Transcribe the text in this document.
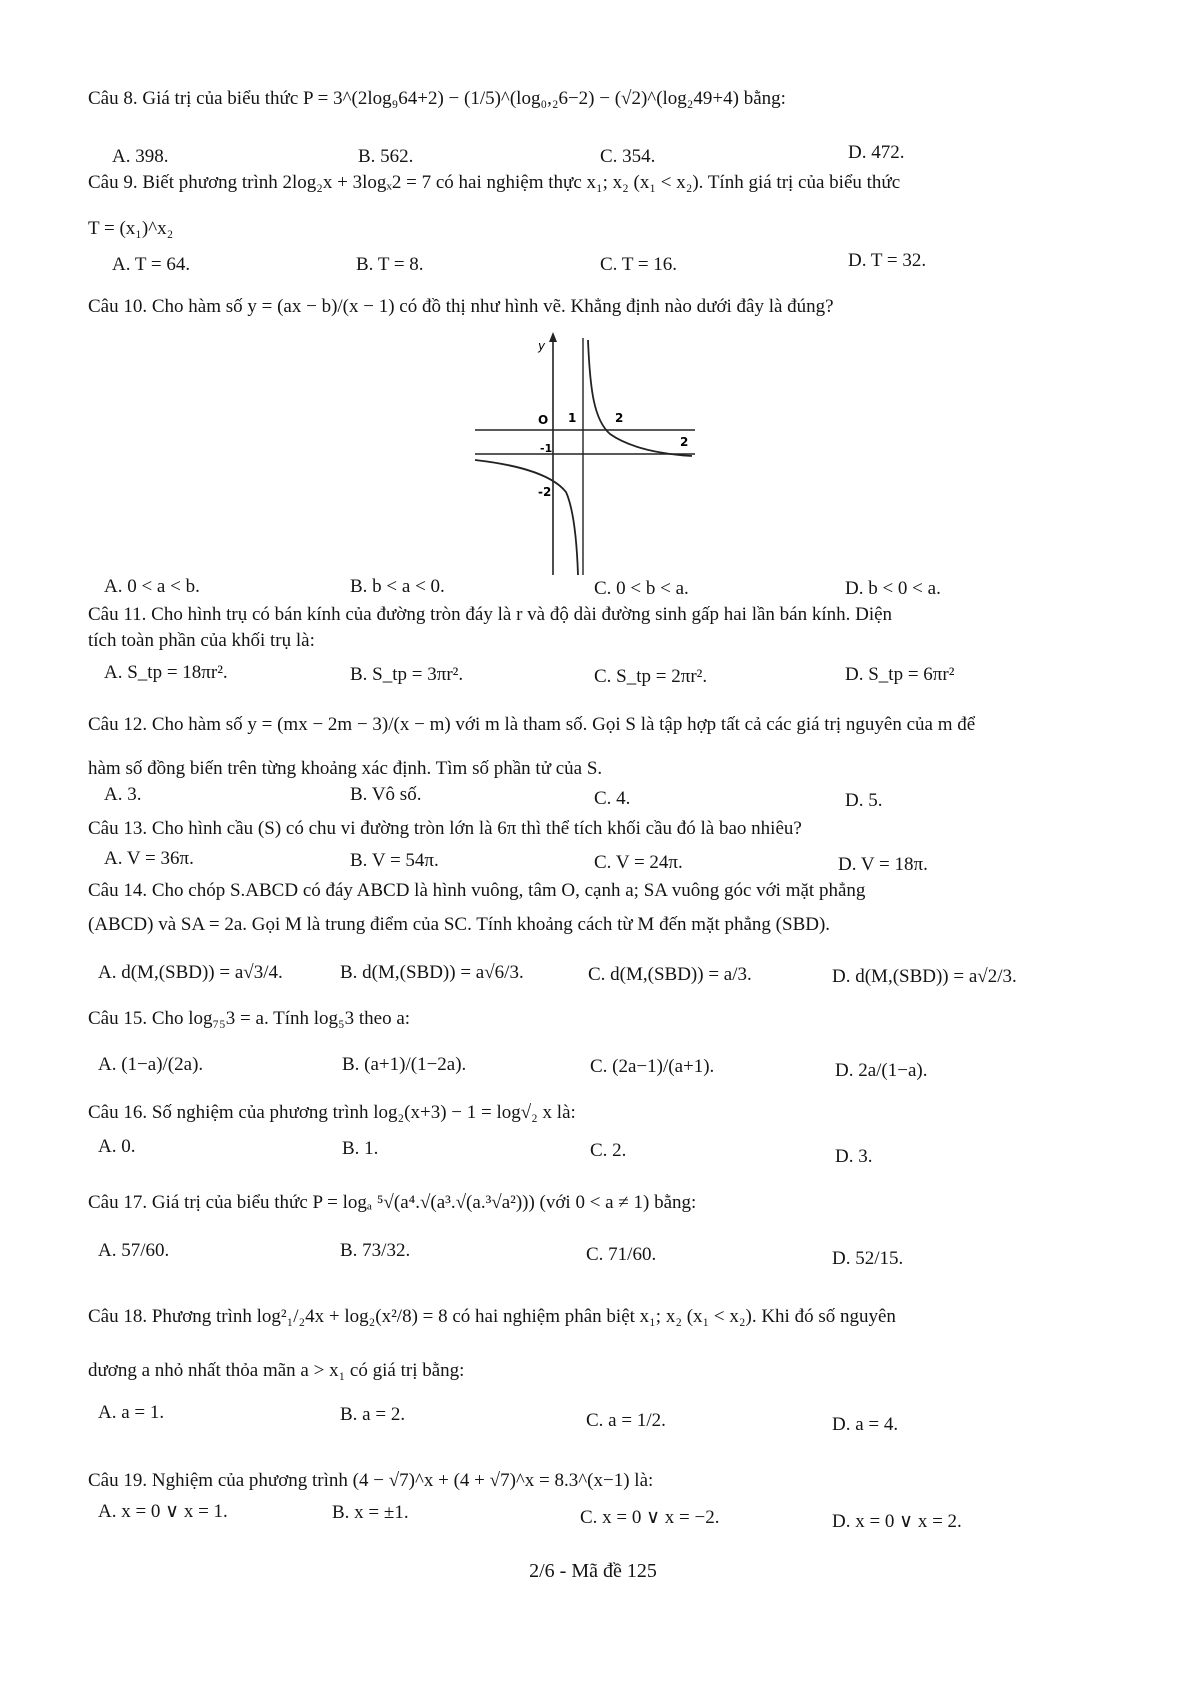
Câu 8. Giá trị của biểu thức P = 3^(2log₉64+2) − (1/5)^(log₀,₂6−2) − (√2)^(log₂49+4) bằng:
A. 398.	B. 562.	C. 354.	D. 472.
Câu 9. Biết phương trình 2log₂x + 3logₓ2 = 7 có hai nghiệm thực x₁; x₂ (x₁ < x₂). Tính giá trị của biểu thức
T = (x₁)^x₂
A. T = 64.	B. T = 8.	C. T = 16.	D. T = 32.
Câu 10. Cho hàm số y = (ax − b)/(x − 1) có đồ thị như hình vẽ. Khẳng định nào dưới đây là đúng?
y
O 1	2
2
-1
-2
A. 0 < a < b.	B. b < a < 0.	C. 0 < b < a.	D. b < 0 < a.
Câu 11. Cho hình trụ có bán kính của đường tròn đáy là r và độ dài đường sinh gấp hai lần bán kính. Diện
tích toàn phần của khối trụ là:
A. S_tp = 18πr².	B. S_tp = 3πr².	C. S_tp = 2πr².	D. S_tp = 6πr²
Câu 12. Cho hàm số y = (mx − 2m − 3)/(x − m) với m là tham số. Gọi S là tập hợp tất cả các giá trị nguyên của m để
hàm số đồng biến trên từng khoảng xác định. Tìm số phần tử của S.
A. 3.	B. Vô số.	C. 4.	D. 5.
Câu 13. Cho hình cầu (S) có chu vi đường tròn lớn là 6π thì thể tích khối cầu đó là bao nhiêu?
A. V = 36π.	B. V = 54π.	C. V = 24π.	D. V = 18π.
Câu 14. Cho chóp S.ABCD có đáy ABCD là hình vuông, tâm O, cạnh a; SA vuông góc với mặt phẳng
(ABCD) và SA = 2a. Gọi M là trung điểm của SC. Tính khoảng cách từ M đến mặt phẳng (SBD).
A. d(M,(SBD)) = a√3/4.	B. d(M,(SBD)) = a√6/3.	C. d(M,(SBD)) = a/3.	D. d(M,(SBD)) = a√2/3.
Câu 15. Cho log₇₅3 = a. Tính log₅3 theo a:
A. (1−a)/(2a).	B. (a+1)/(1−2a).	C. (2a−1)/(a+1).	D. 2a/(1−a).
Câu 16. Số nghiệm của phương trình log₂(x+3) − 1 = log√₂ x là:
A. 0.	B. 1.	C. 2.	D. 3.
Câu 17. Giá trị của biểu thức P = logₐ ⁵√(a⁴.√(a³.√(a.³√a²))) (với 0 < a ≠ 1) bằng:
A. 57/60.	B. 73/32.	C. 71/60.	D. 52/15.
Câu 18. Phương trình log²₁/₂4x + log₂(x²/8) = 8 có hai nghiệm phân biệt x₁; x₂ (x₁ < x₂). Khi đó số nguyên
dương a nhỏ nhất thỏa mãn a > x₁ có giá trị bằng:
A. a = 1.	B. a = 2.	C. a = 1/2.	D. a = 4.
Câu 19. Nghiệm của phương trình (4 − √7)^x + (4 + √7)^x = 8.3^(x−1) là:
A. x = 0 ∨ x = 1.	B. x = ±1.	C. x = 0 ∨ x = −2.	D. x = 0 ∨ x = 2.
2/6 - Mã đề 125
